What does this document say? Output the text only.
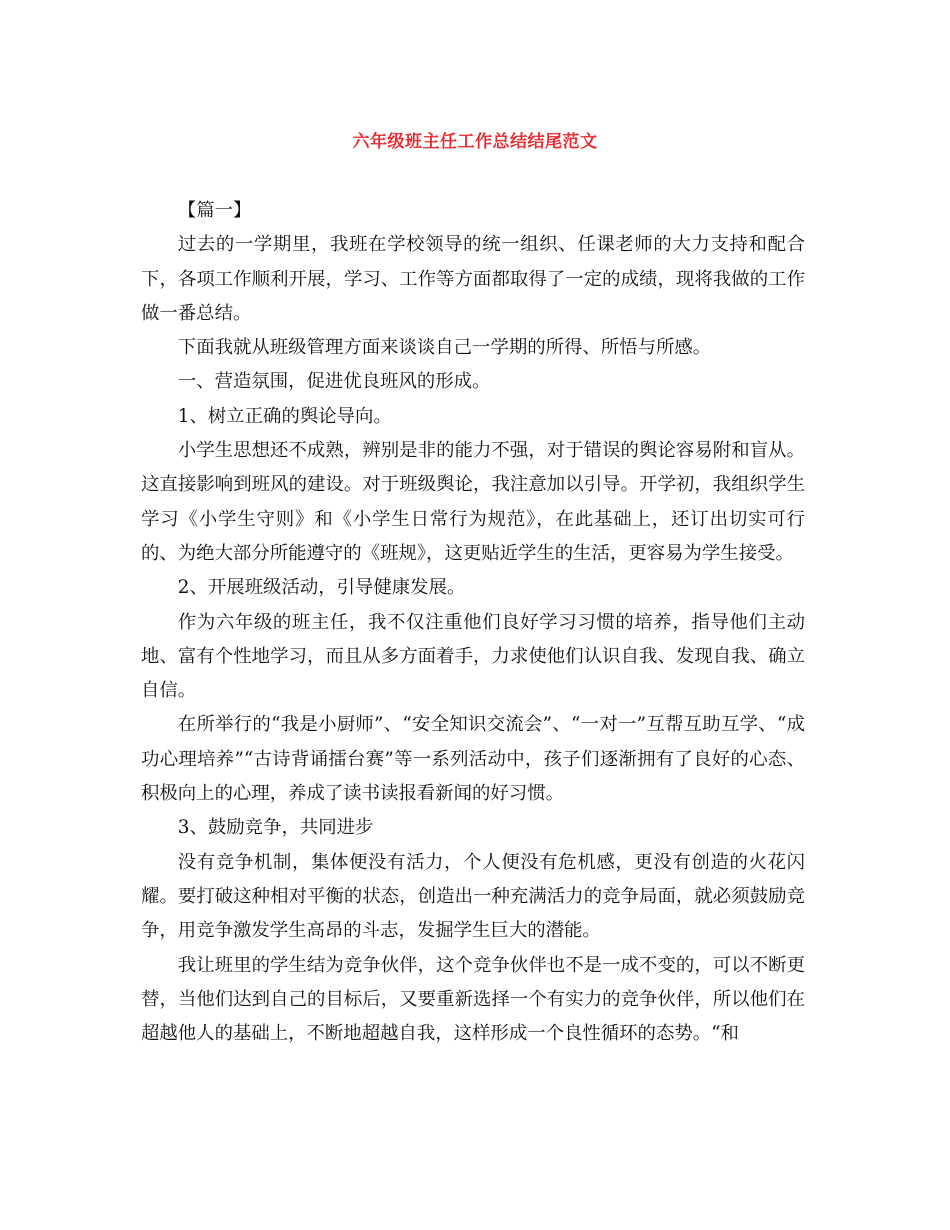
六年级班主任工作总结结尾范文

【篇一】

过去的一学期里，我班在学校领导的统一组织、任课老师的大力支持和配合下，各项工作顺利开展，学习、工作等方面都取得了一定的成绩，现将我做的工作做一番总结。

下面我就从班级管理方面来谈谈自己一学期的所得、所悟与所感。

一、营造氛围，促进优良班风的形成。

1、树立正确的舆论导向。

小学生思想还不成熟，辨别是非的能力不强，对于错误的舆论容易附和盲从。这直接影响到班风的建设。对于班级舆论，我注意加以引导。开学初，我组织学生学习《小学生守则》和《小学生日常行为规范》，在此基础上，还订出切实可行的、为绝大部分所能遵守的《班规》，这更贴近学生的生活，更容易为学生接受。

2、开展班级活动，引导健康发展。

作为六年级的班主任，我不仅注重他们良好学习习惯的培养，指导他们主动地、富有个性地学习，而且从多方面着手，力求使他们认识自我、发现自我、确立自信。

在所举行的“我是小厨师”、“安全知识交流会”、“一对一”互帮互助互学、“成功心理培养”“古诗背诵擂台赛”等一系列活动中，孩子们逐渐拥有了良好的心态、积极向上的心理，养成了读书读报看新闻的好习惯。

3、鼓励竞争，共同进步

没有竞争机制，集体便没有活力，个人便没有危机感，更没有创造的火花闪耀。要打破这种相对平衡的状态，创造出一种充满活力的竞争局面，就必须鼓励竞争，用竞争激发学生高昂的斗志，发掘学生巨大的潜能。

我让班里的学生结为竞争伙伴，这个竞争伙伴也不是一成不变的，可以不断更替，当他们达到自己的目标后，又要重新选择一个有实力的竞争伙伴，所以他们在超越他人的基础上，不断地超越自我，这样形成一个良性循环的态势。“和
